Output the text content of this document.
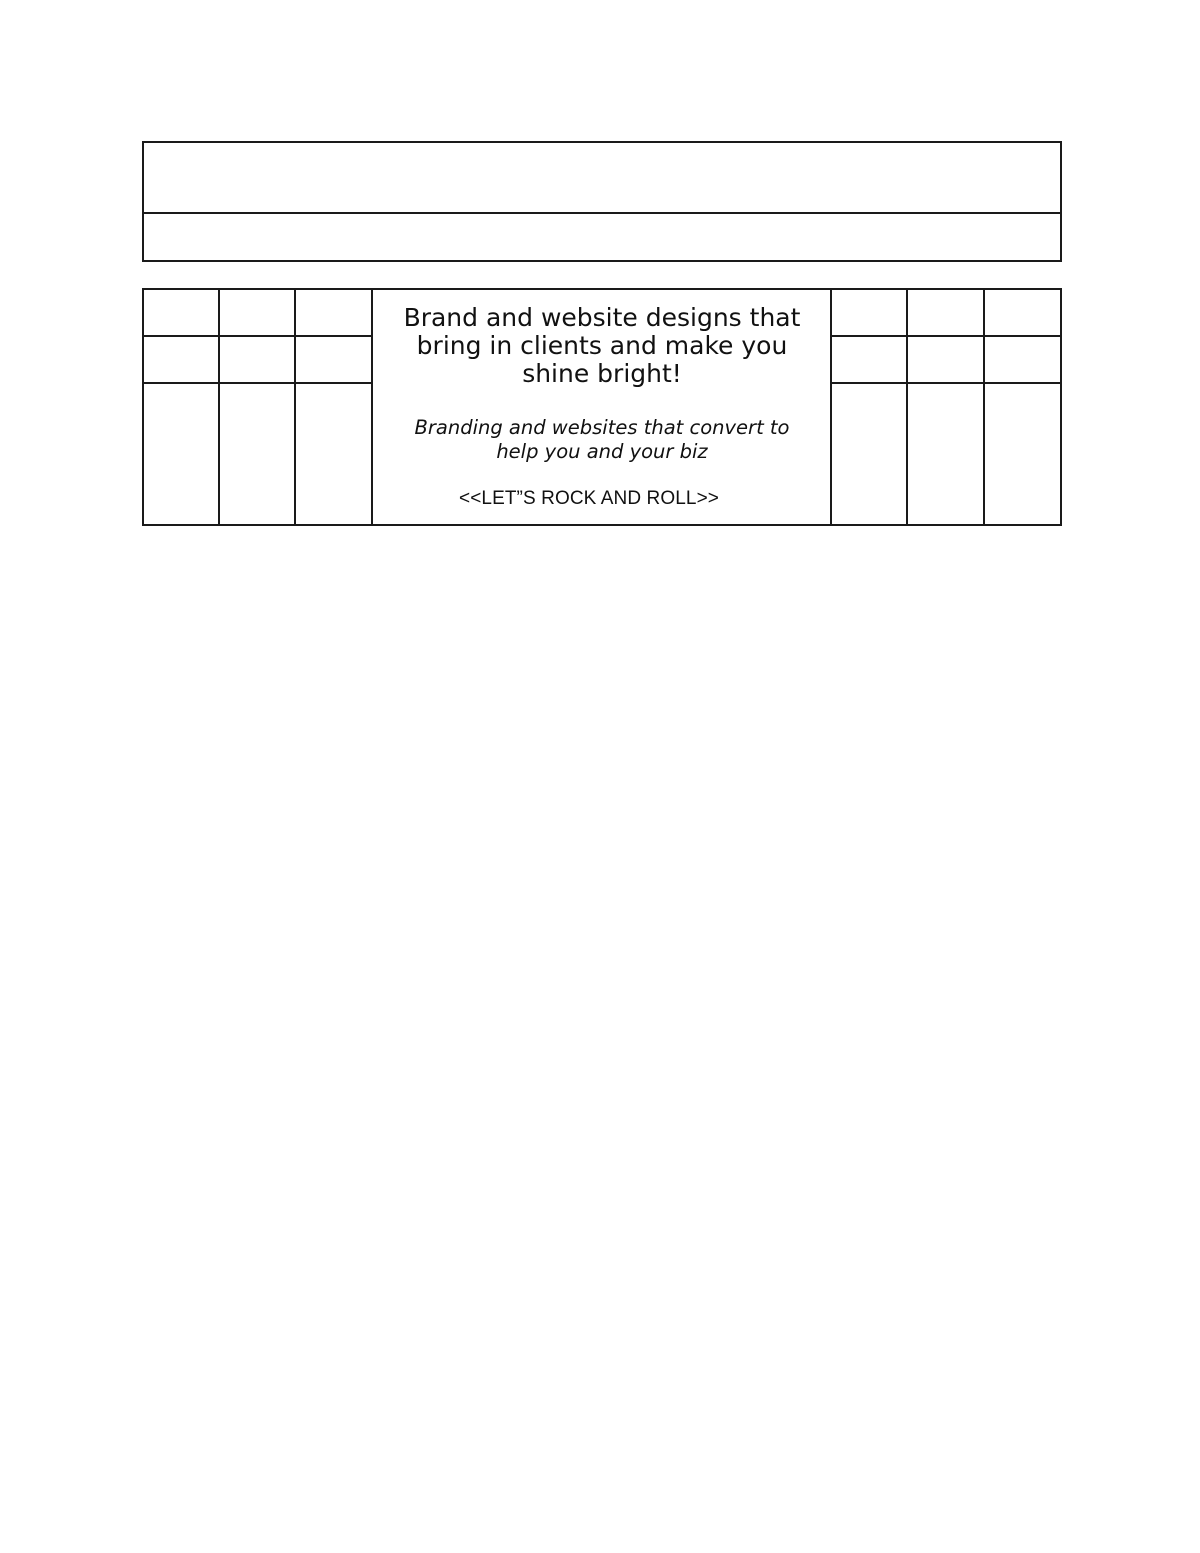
Brand and website designs that bring in clients and make you shine bright!
Branding and websites that convert to help you and your biz
<<LET”S ROCK AND ROLL>>
